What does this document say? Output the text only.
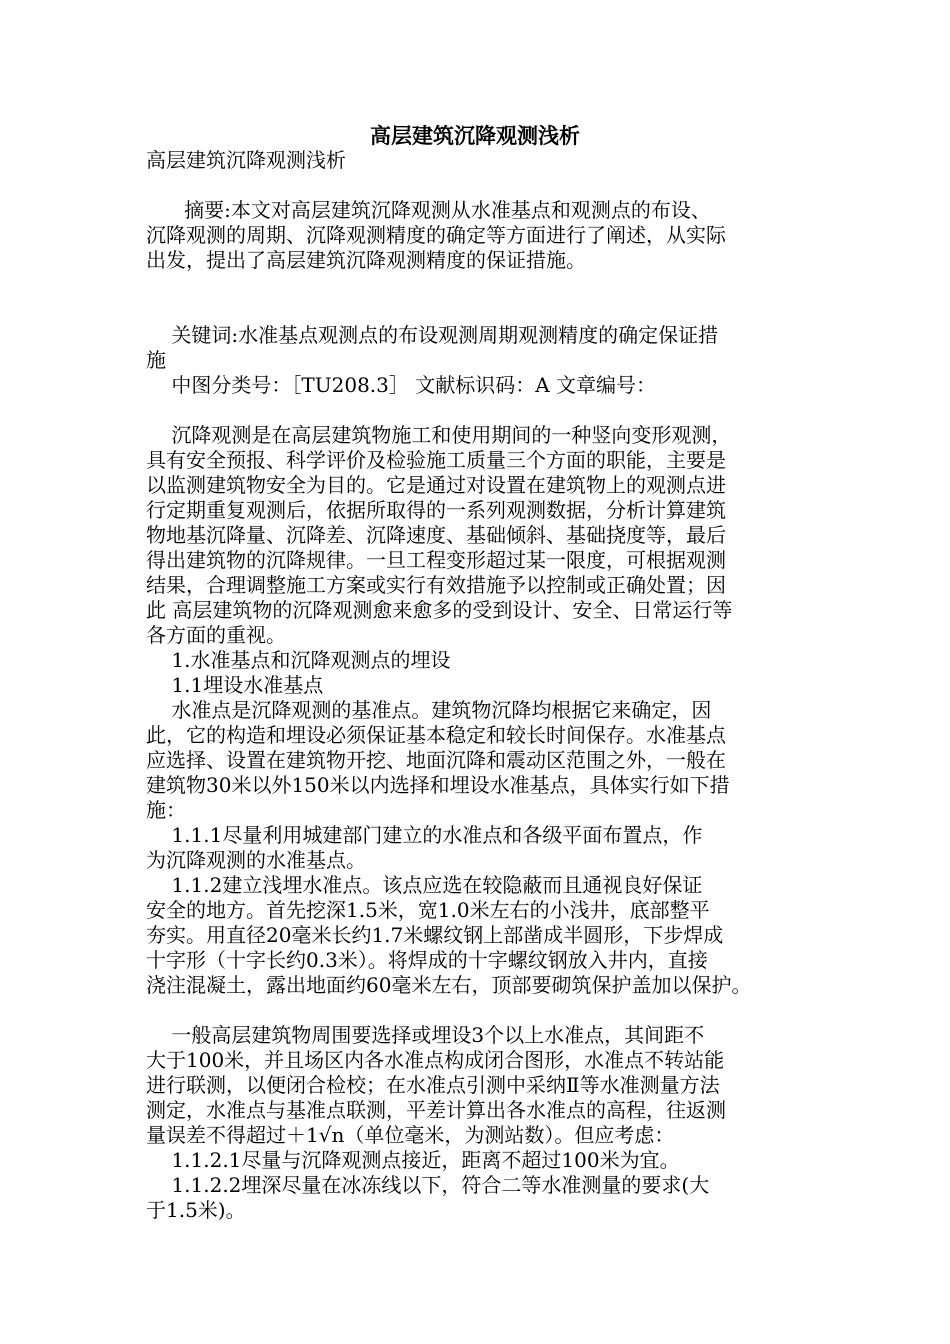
高层建筑沉降观测浅析
高层建筑沉降观测浅析
摘要:本文对高层建筑沉降观测从水准基点和观测点的布设、
沉降观测的周期、沉降观测精度的确定等方面进行了阐述，从实际
出发，提出了高层建筑沉降观测精度的保证措施。
关键词:水准基点观测点的布设观测周期观测精度的确定保证措
施
中图分类号：［TU208.3］ 文献标识码：A 文章编号：
沉降观测是在高层建筑物施工和使用期间的一种竖向变形观测，
具有安全预报、科学评价及检验施工质量三个方面的职能，主要是
以监测建筑物安全为目的。它是通过对设置在建筑物上的观测点进
行定期重复观测后，依据所取得的一系列观测数据，分析计算建筑
物地基沉降量、沉降差、沉降速度、基础倾斜、基础挠度等，最后
得出建筑物的沉降规律。一旦工程变形超过某一限度，可根据观测
结果，合理调整施工方案或实行有效措施予以控制或正确处置；因
此 高层建筑物的沉降观测愈来愈多的受到设计、安全、日常运行等
各方面的重视。
1.水准基点和沉降观测点的埋设
1.1埋设水准基点
水准点是沉降观测的基准点。建筑物沉降均根据它来确定，因
此，它的构造和埋设必须保证基本稳定和较长时间保存。水准基点
应选择、设置在建筑物开挖、地面沉降和震动区范围之外，一般在
建筑物30米以外150米以内选择和埋设水准基点，具体实行如下措
施：
1.1.1尽量利用城建部门建立的水准点和各级平面布置点，作
为沉降观测的水准基点。
1.1.2建立浅埋水准点。该点应选在较隐蔽而且通视良好保证
安全的地方。首先挖深1.5米，宽1.0米左右的小浅井，底部整平
夯实。用直径20毫米长约1.7米螺纹钢上部凿成半圆形，下步焊成
十字形（十字长约0.3米）。将焊成的十字螺纹钢放入井内，直接
浇注混凝土，露出地面约60毫米左右，顶部要砌筑保护盖加以保护。
一般高层建筑物周围要选择或埋设3个以上水准点，其间距不
大于100米，并且场区内各水准点构成闭合图形，水准点不转站能
进行联测，以便闭合检校；在水准点引测中采纳Ⅱ等水准测量方法
测定，水准点与基准点联测，平差计算出各水准点的高程，往返测
量误差不得超过＋1√n（单位毫米，为测站数）。但应考虑：
1.1.2.1尽量与沉降观测点接近，距离不超过100米为宜。
1.1.2.2埋深尽量在冰冻线以下，符合二等水准测量的要求(大
于1.5米)。
